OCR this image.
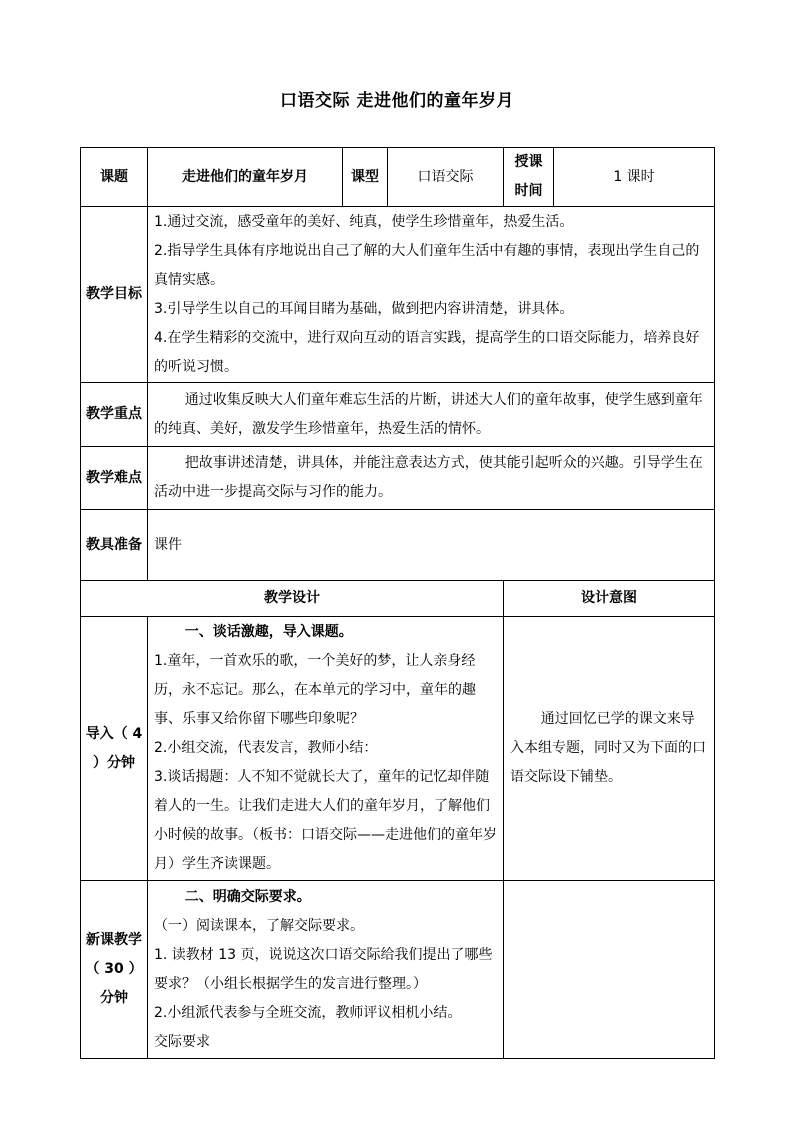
口语交际 走进他们的童年岁月
课题	走进他们的童年岁月	课型	口语交际	授课时间	1 课时
教学目标	1.通过交流，感受童年的美好、纯真，使学生珍惜童年，热爱生活。

2.指导学生具体有序地说出自己了解的大人们童年生活中有趣的事情，表现出学生自己的真情实感。

3.引导学生以自己的耳闻目睹为基础，做到把内容讲清楚，讲具体。

4.在学生精彩的交流中，进行双向互动的语言实践，提高学生的口语交际能力，培养良好的听说习惯。				

教学重点	通过收集反映大人们童年难忘生活的片断，讲述大人们的童年故事，使学生感到童年的纯真、美好，激发学生珍惜童年，热爱生活的情怀。				

教学难点	把故事讲述清楚，讲具体，并能注意表达方式，使其能引起听众的兴趣。引导学生在活动中进一步提高交际与习作的能力。				

教具准备	课件				
教学设计				设计意图	
导入（ 4 ）分钟	一、谈话激趣，导入课题。

1.童年，一首欢乐的歌，一个美好的梦，让人亲身经历，永不忘记。那么，在本单元的学习中，童年的趣事、乐事又给你留下哪些印象呢？

2.小组交流，代表发言，教师小结：

3.谈话揭题：人不知不觉就长大了，童年的记忆却伴随着人的一生。让我们走进大人们的童年岁月，了解他们小时候的故事。（板书：口语交际——走进他们的童年岁月）学生齐读课题。			通过回忆已学的课文来导入本组专题，同时又为下面的口语交际设下铺垫。	

新课教学（ 30 ）分钟	二、明确交际要求。

（一）阅读课本，了解交际要求。

1. 读教材 13 页，说说这次口语交际给我们提出了哪些要求？（小组长根据学生的发言进行整理。）

2.小组派代表参与全班交流，教师评议相机小结。

交际要求				
